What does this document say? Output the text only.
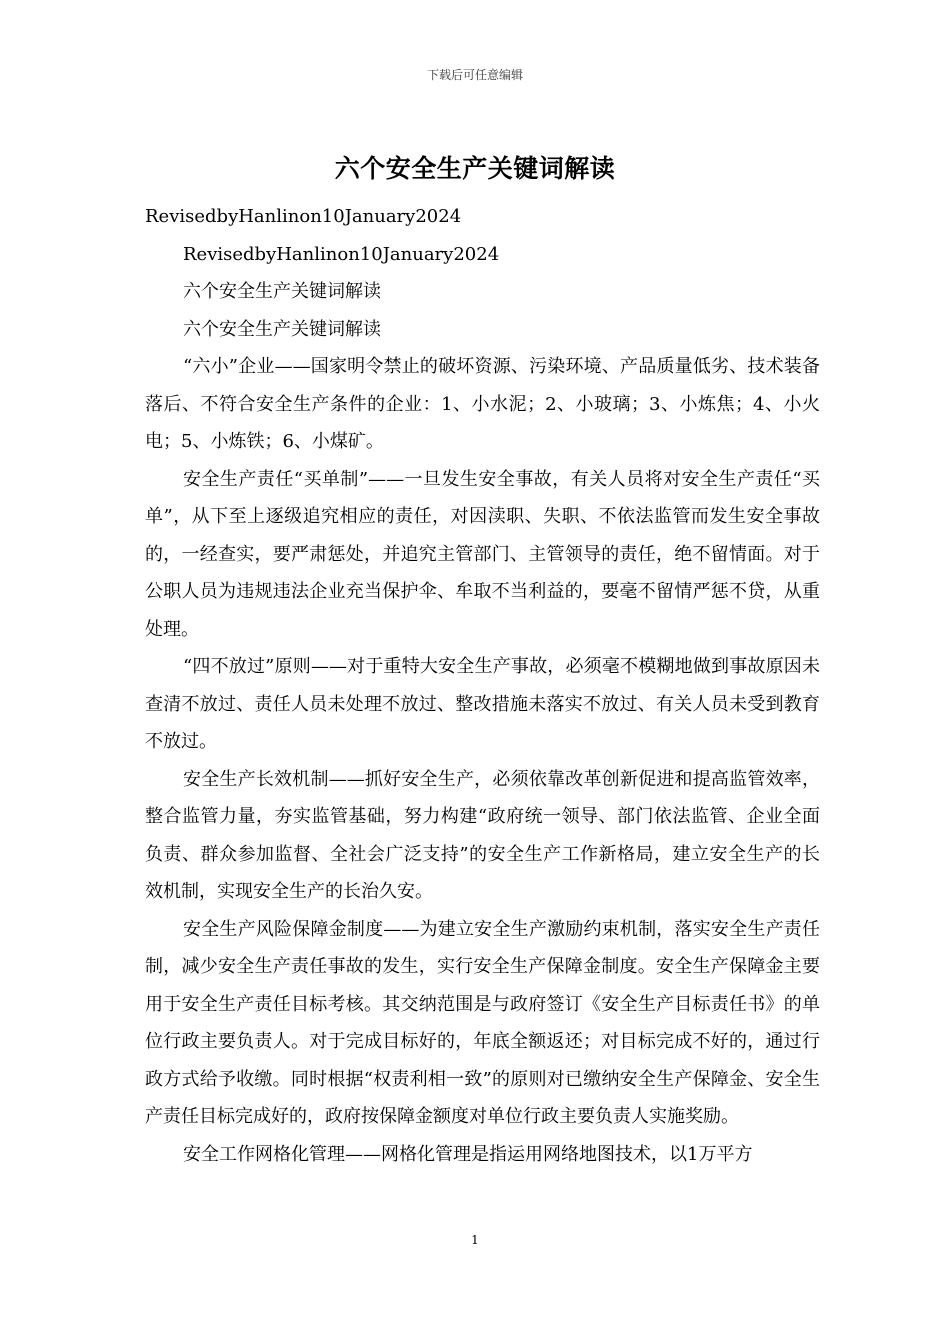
下载后可任意编辑
六个安全生产关键词解读

RevisedbyHanlinon10January2024

RevisedbyHanlinon10January2024

六个安全生产关键词解读

六个安全生产关键词解读

“六小”企业——国家明令禁止的破坏资源、污染环境、产品质量低劣、技术装备落后、不符合安全生产条件的企业：1、小水泥；2、小玻璃；3、小炼焦；4、小火电；5、小炼铁；6、小煤矿。

安全生产责任“买单制”——一旦发生安全事故，有关人员将对安全生产责任“买单”，从下至上逐级追究相应的责任，对因渎职、失职、不依法监管而发生安全事故的，一经查实，要严肃惩处，并追究主管部门、主管领导的责任，绝不留情面。对于公职人员为违规违法企业充当保护伞、牟取不当利益的，要毫不留情严惩不贷，从重处理。

“四不放过”原则——对于重特大安全生产事故，必须毫不模糊地做到事故原因未查清不放过、责任人员未处理不放过、整改措施未落实不放过、有关人员未受到教育不放过。

安全生产长效机制——抓好安全生产，必须依靠改革创新促进和提高监管效率，整合监管力量，夯实监管基础，努力构建“政府统一领导、部门依法监管、企业全面负责、群众参加监督、全社会广泛支持”的安全生产工作新格局，建立安全生产的长效机制，实现安全生产的长治久安。

安全生产风险保障金制度——为建立安全生产激励约束机制，落实安全生产责任制，减少安全生产责任事故的发生，实行安全生产保障金制度。安全生产保障金主要用于安全生产责任目标考核。其交纳范围是与政府签订《安全生产目标责任书》的单位行政主要负责人。对于完成目标好的，年底全额返还；对目标完成不好的，通过行政方式给予收缴。同时根据“权责利相一致”的原则对已缴纳安全生产保障金、安全生产责任目标完成好的，政府按保障金额度对单位行政主要负责人实施奖励。

安全工作网格化管理——网格化管理是指运用网络地图技术，以1万平方

1
